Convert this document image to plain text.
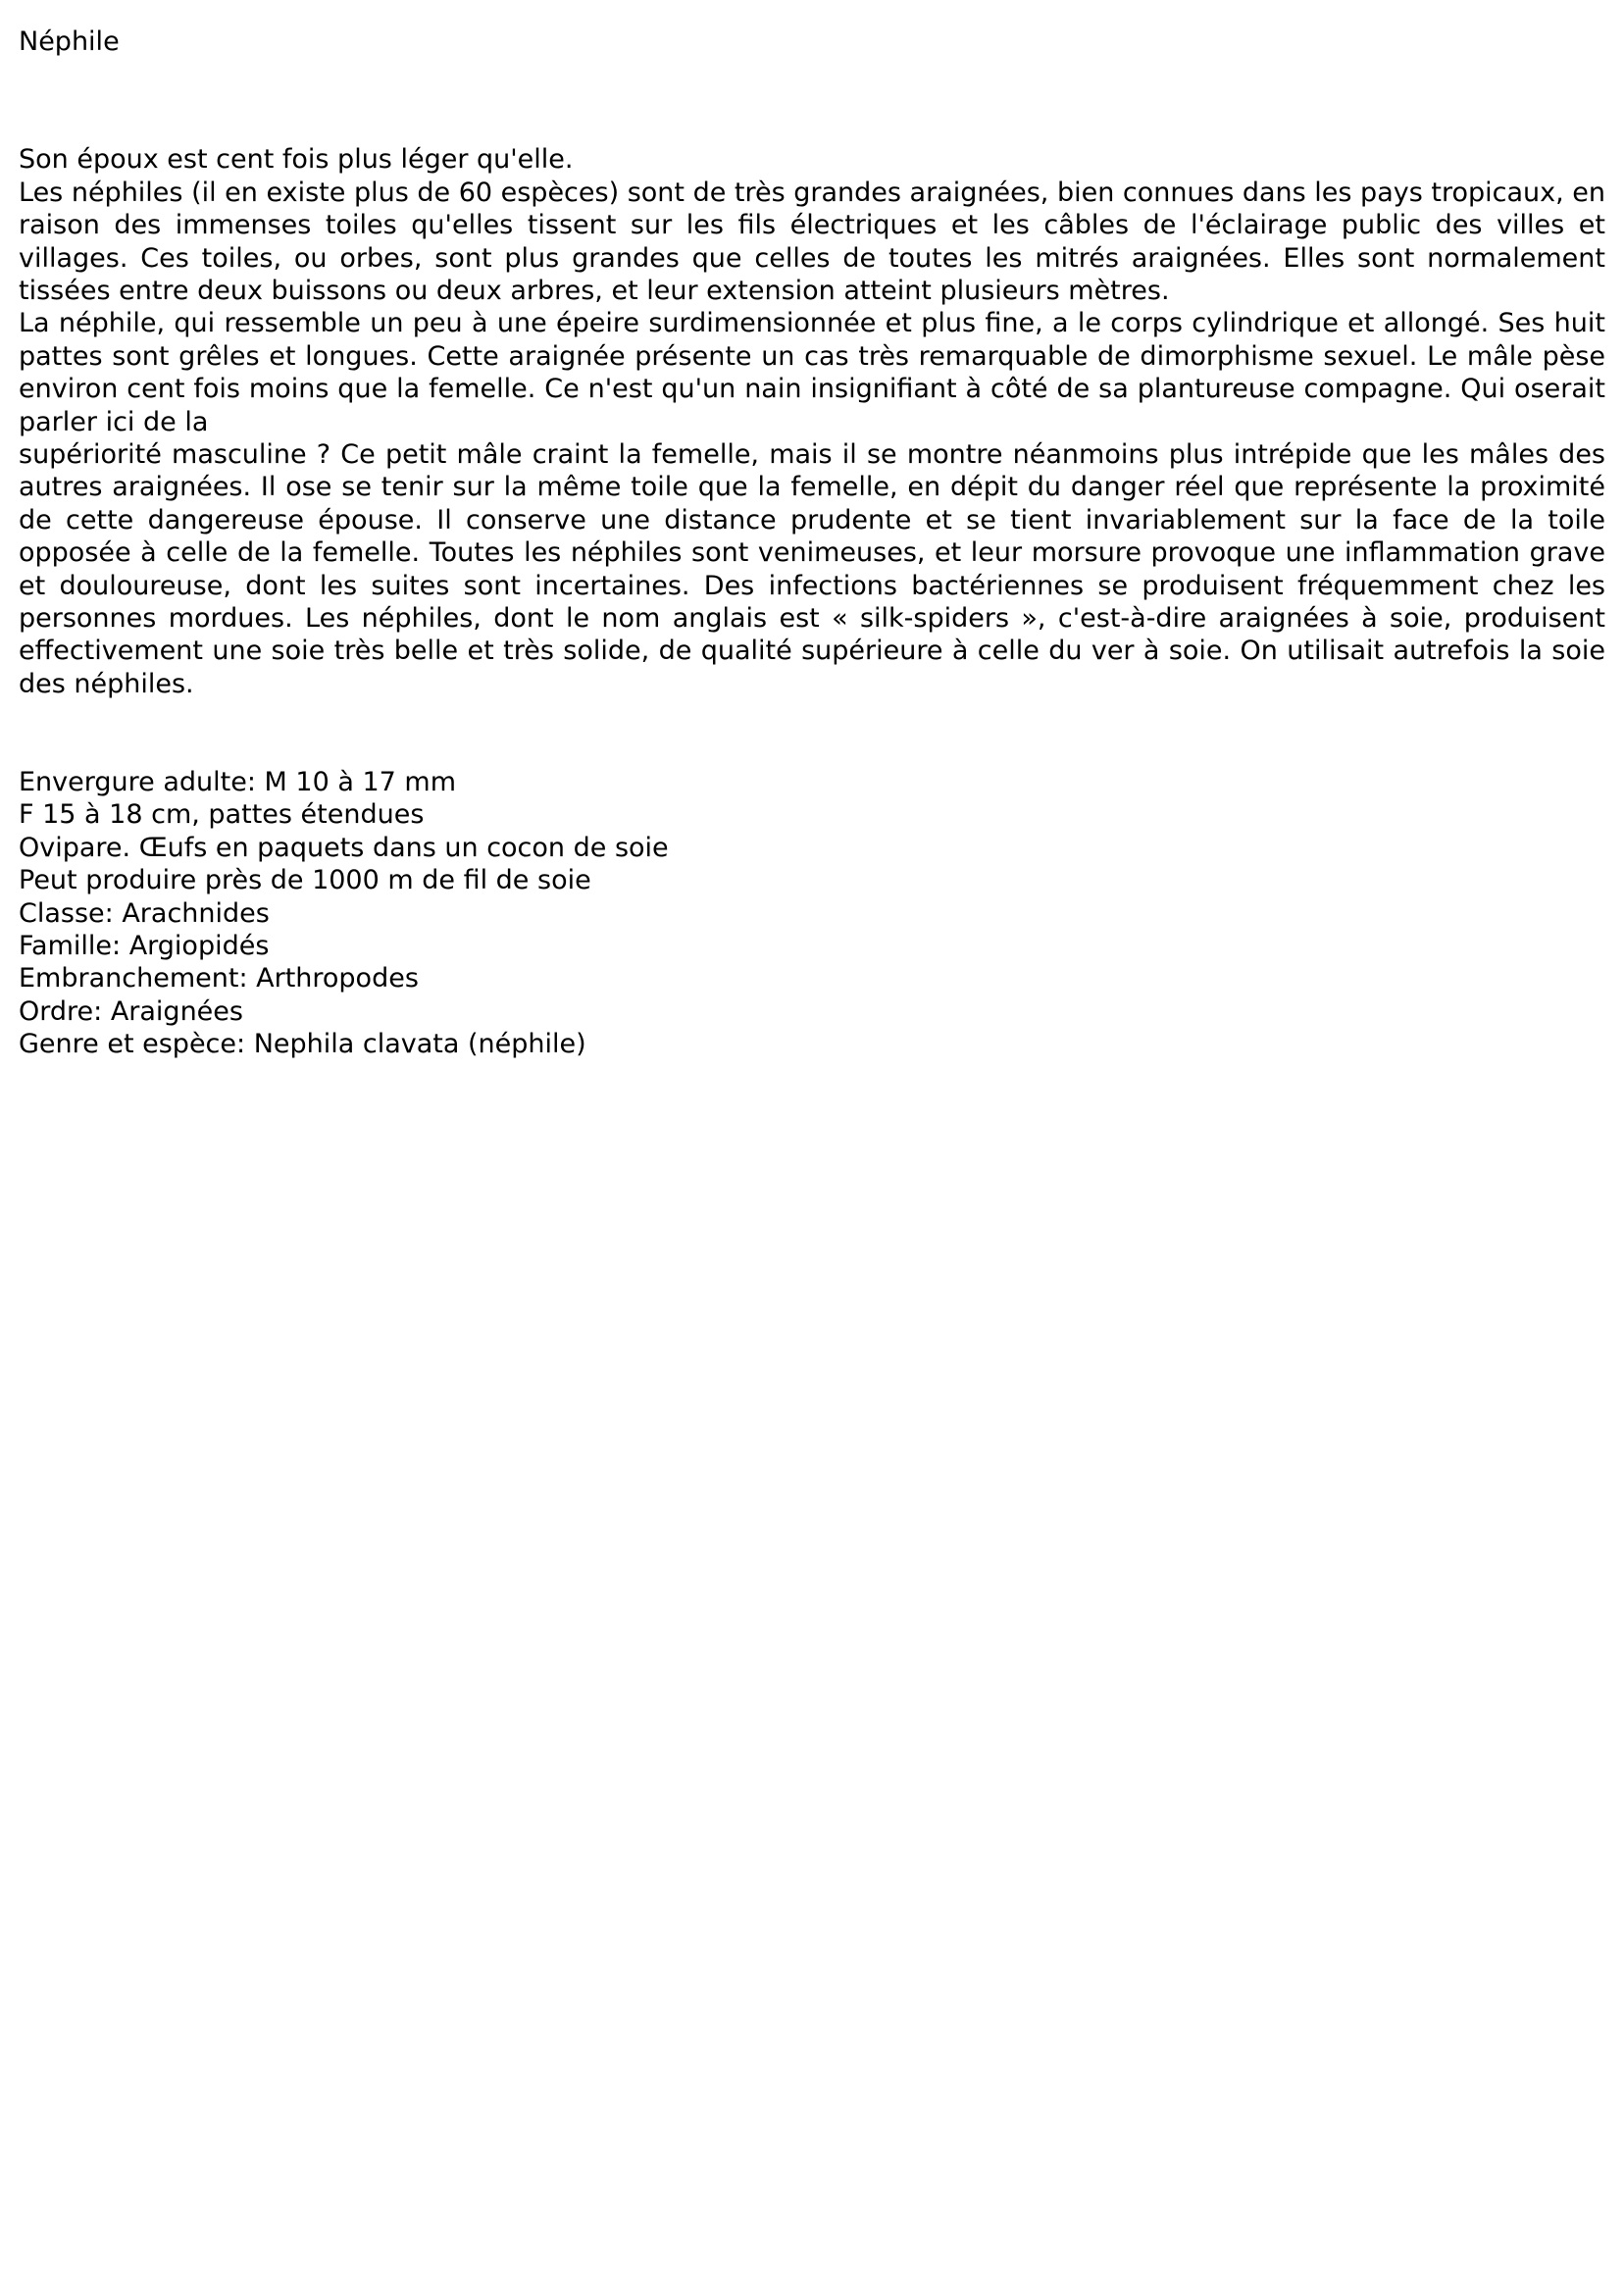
Néphile

Son époux est cent fois plus léger qu'elle.

Les néphiles (il en existe plus de 60 espèces) sont de très grandes araignées, bien connues dans les pays tropicaux, en raison des immenses toiles qu'elles tissent sur les fils électriques et les câbles de l'éclairage public des villes et villages. Ces toiles, ou orbes, sont plus grandes que celles de toutes les mitrés araignées. Elles sont normalement tissées entre deux buissons ou deux arbres, et leur extension atteint plusieurs mètres.

La néphile, qui ressemble un peu à une épeire surdimensionnée et plus fine, a le corps cylindrique et allongé. Ses huit pattes sont grêles et longues. Cette araignée présente un cas très remarquable de dimorphisme sexuel. Le mâle pèse environ cent fois moins que la femelle. Ce n'est qu'un nain insignifiant à côté de sa plantureuse compagne. Qui oserait parler ici de la

supériorité masculine ? Ce petit mâle craint la femelle, mais il se montre néanmoins plus intrépide que les mâles des autres araignées. Il ose se tenir sur la même toile que la femelle, en dépit du danger réel que représente la proximité de cette dangereuse épouse. Il conserve une distance prudente et se tient invariablement sur la face de la toile opposée à celle de la femelle. Toutes les néphiles sont venimeuses, et leur morsure provoque une inflammation grave et douloureuse, dont les suites sont incertaines. Des infections bactériennes se produisent fréquemment chez les personnes mordues. Les néphiles, dont le nom anglais est « silk-spiders », c'est-à-dire araignées à soie, produisent effectivement une soie très belle et très solide, de qualité supérieure à celle du ver à soie. On utilisait autrefois la soie des néphiles.

Envergure adulte: M 10 à 17 mm
F 15 à 18 cm, pattes étendues
Ovipare. Œufs en paquets dans un cocon de soie
Peut produire près de 1000 m de fil de soie
Classe: Arachnides
Famille: Argiopidés
Embranchement: Arthropodes
Ordre: Araignées
Genre et espèce: Nephila clavata (néphile)
